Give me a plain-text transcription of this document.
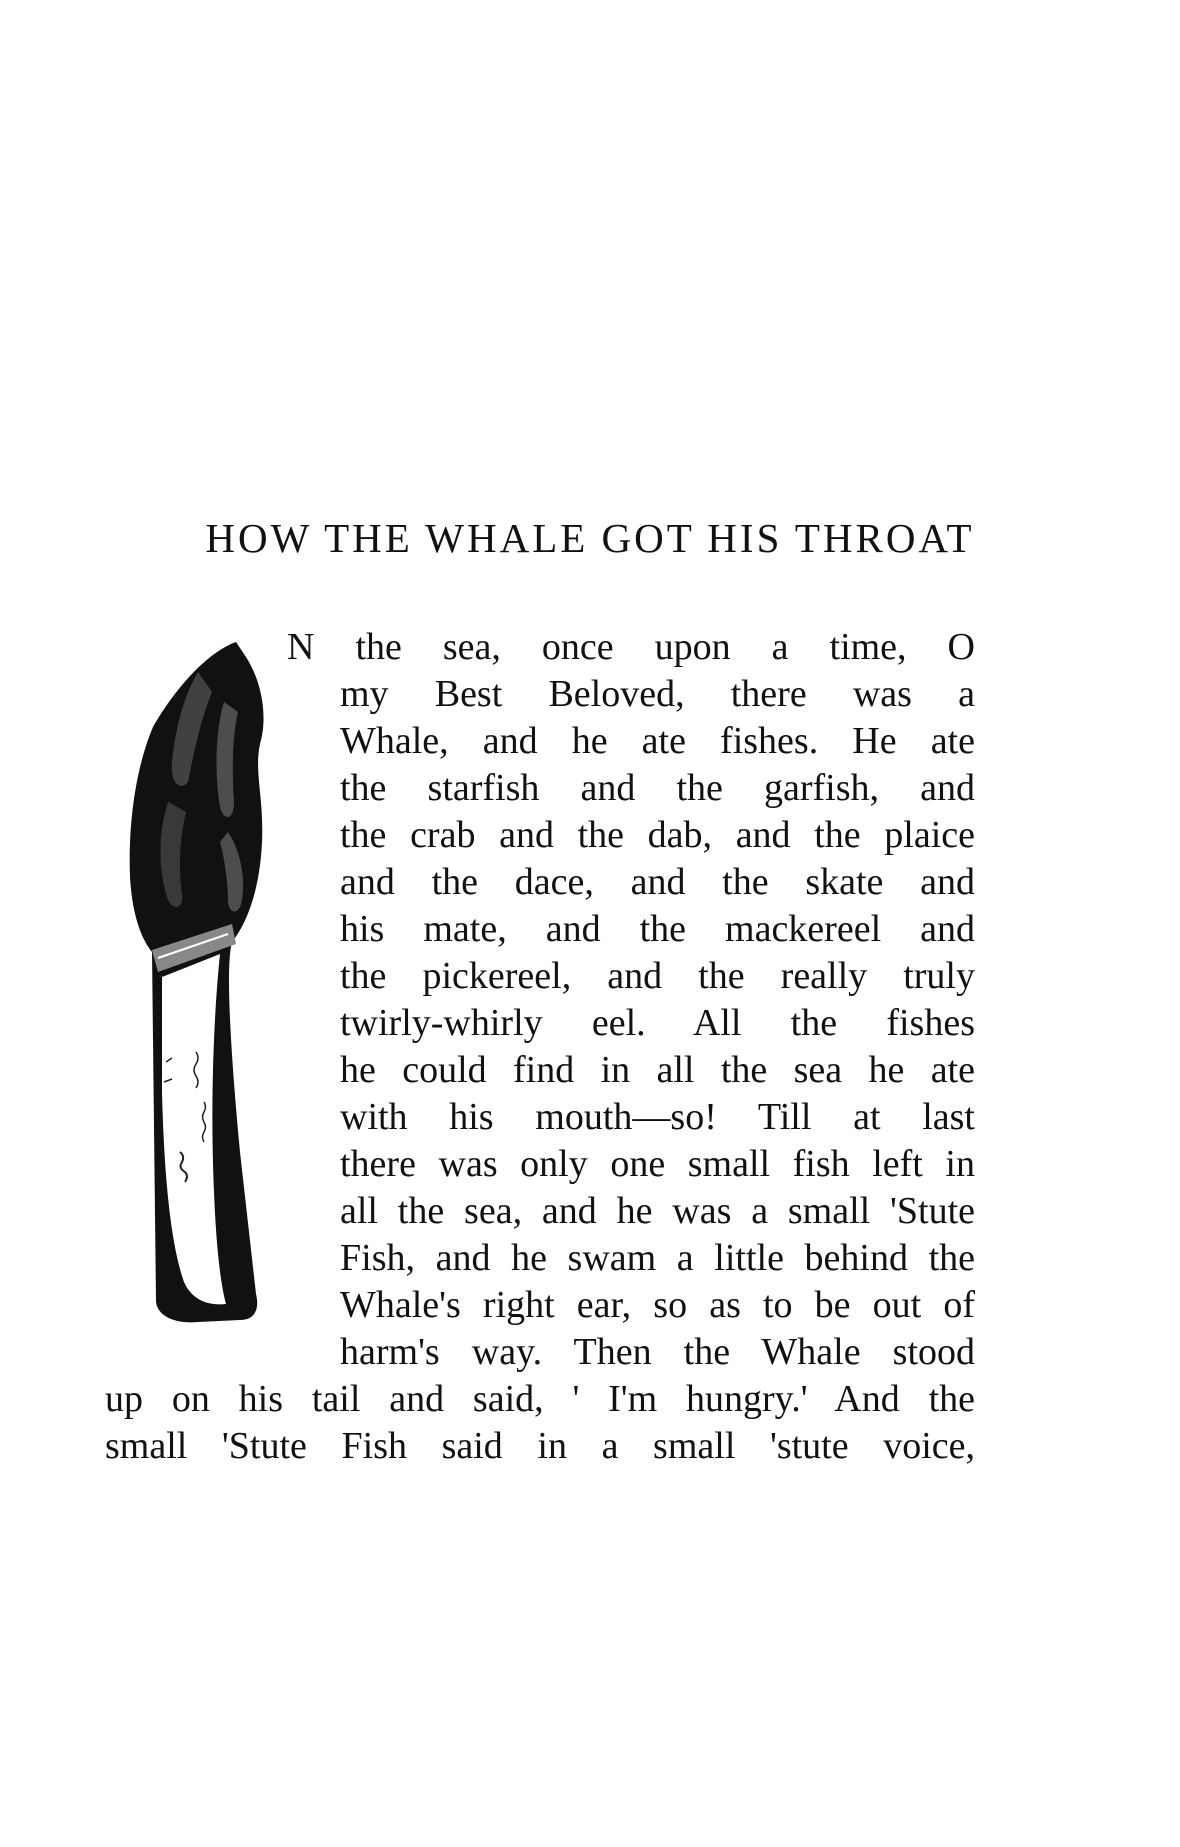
HOW THE WHALE GOT HIS THROAT
N the sea, once upon a time, O
my Best Beloved, there was a
Whale, and he ate fishes. He ate
the starfish and the garfish, and
the crab and the dab, and the plaice
and the dace, and the skate and
his mate, and the mackereel and
the pickereel, and the really truly
twirly-whirly eel. All the fishes
he could find in all the sea he ate
with his mouth—so! Till at last
there was only one small fish left in
all the sea, and he was a small 'Stute
Fish, and he swam a little behind the
Whale's right ear, so as to be out of
harm's way. Then the Whale stood
up on his tail and said, ' I'm hungry.' And the
small 'Stute Fish said in a small 'stute voice,
